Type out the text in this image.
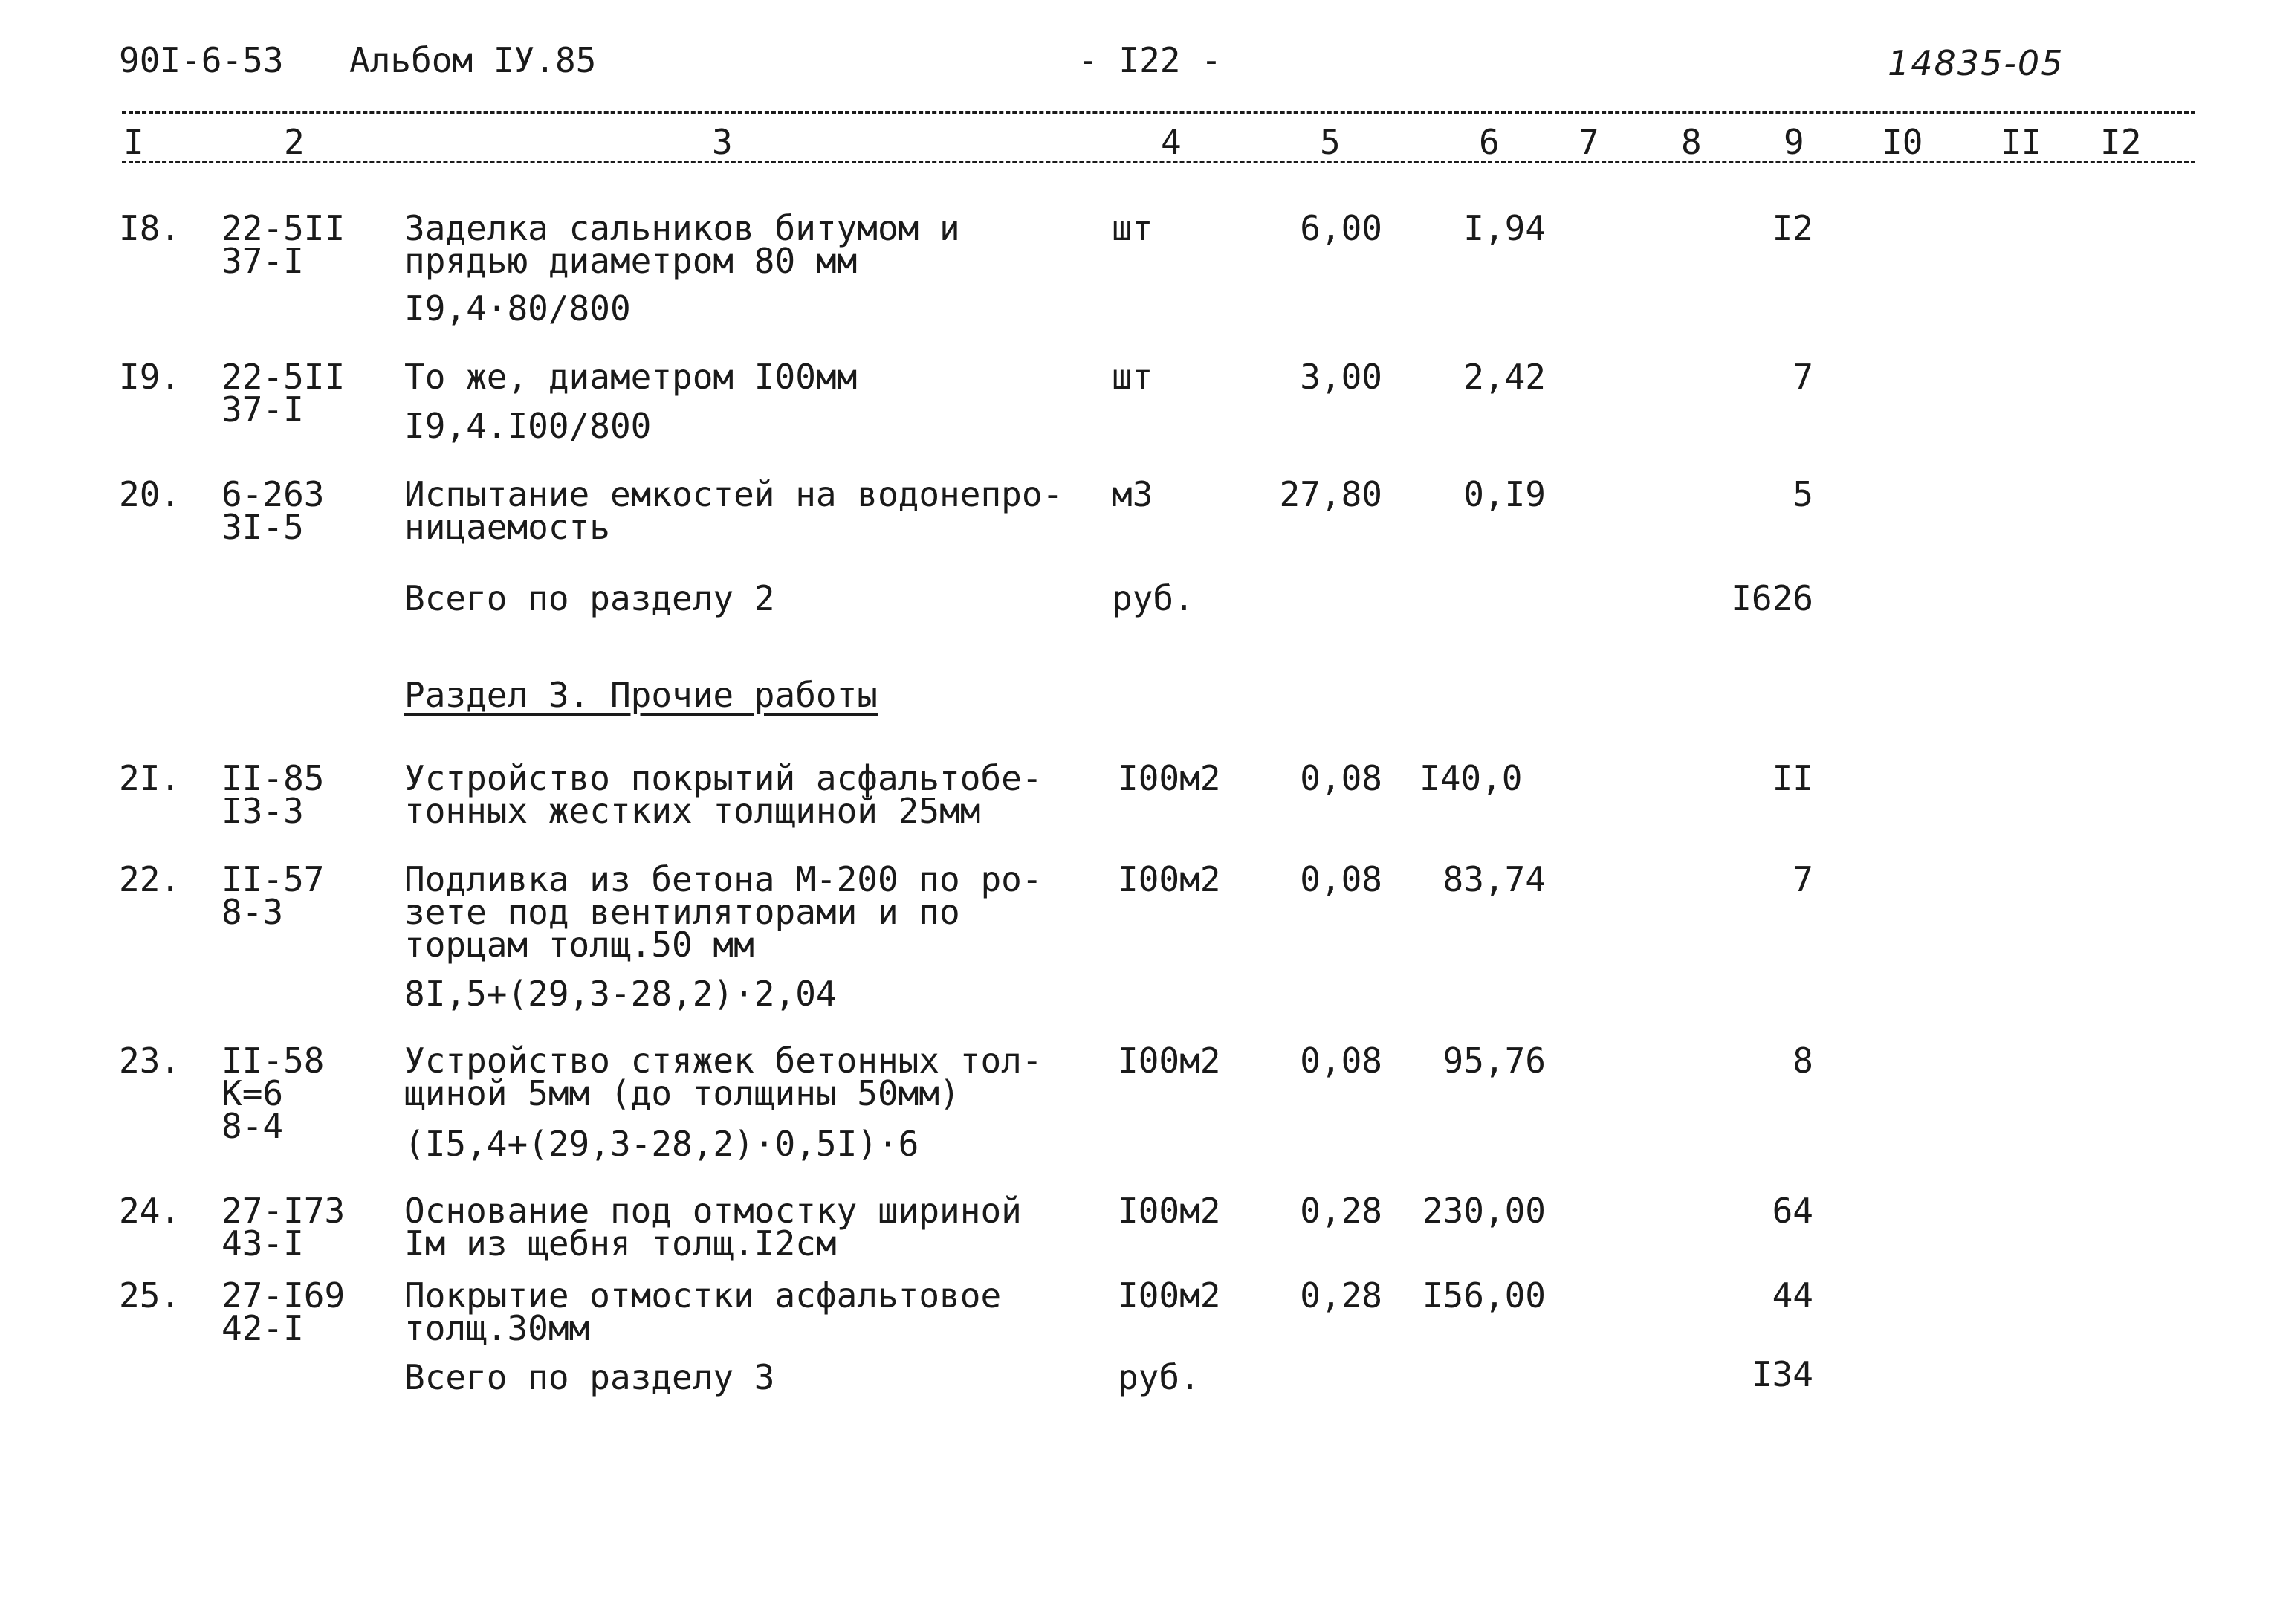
90I-6-53 Альбом IУ.85	- I22 -	14835-05
I	2	3	4	5	6 7 8 9 I0 II I2
I8. 22-5II
37-I
Заделка сальников битумом и
прядью диаметром 80 мм
I9,4·80/800
шт	6,00	I,94	I2
I9. 22-5II
37-I
То же, диаметром I00мм
I9,4.I00/800
шт	3,00	2,42	7
20. 6-263
3I-5
Испытание емкостей на водонепро-
ницаемость
м3	27,80	0,I9	5
Всего по разделу 2	руб.	I626
Раздел 3. Прочие работы
2I. II-85
I3-3
Устройство покрытий асфальтобе-
тонных жестких толщиной 25мм
I00м2	0,08 I40,0	II
22. II-57
8-3
Подливка из бетона М-200 по ро-
зете под вентиляторами и по
торцам толщ.50 мм
8I,5+(29,3-28,2)·2,04
I00м2	0,08	83,74	7
23. II-58
К=6
8-4
Устройство стяжек бетонных тол-
щиной 5мм (до толщины 50мм)
(I5,4+(29,3-28,2)·0,5I)·6
I00м2	0,08	95,76	8
24. 27-I73
43-I
Основание под отмостку шириной
Iм из щебня толщ.I2см
I00м2	0,28	230,00	64
25. 27-I69
42-I
Покрытие отмостки асфальтовое
толщ.30мм
I00м2	0,28	I56,00	44
Всего по разделу 3	руб.	I34
